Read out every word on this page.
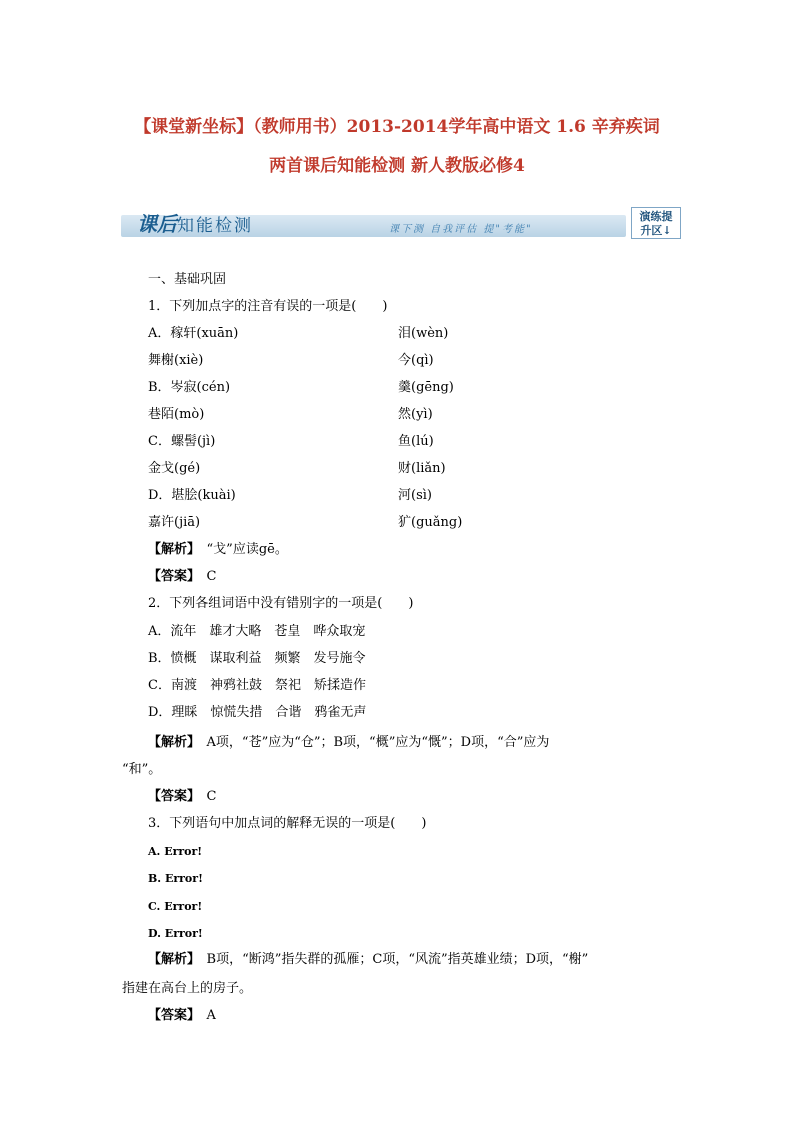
【课堂新坐标】（教师用书）2013-2014学年高中语文 1.6 辛弃疾词
两首课后知能检测 新人教版必修4
课后知能检测	课下测 自我评估 提"考能"
演练提
升区↓
一、基础巩固
1．下列加点字的注音有误的一项是(　　)
A．稼轩(xuān)	泪(wèn)
舞榭(xiè)	今(qì)
B．岑寂(cén)	羹(gēng)
巷陌(mò)	然(yì)
C．螺髻(jì)	鱼(lú)
金戈(gé)	财(liǎn)
D．堪脍(kuài)	河(sì)
嘉许(jiā)	犷(guǎng)
【解析】　 “戈”应读gē。
【答案】　 C
2．下列各组词语中没有错别字的一项是(　　)
A．流年　雄才大略　苍皇　哗众取宠
B．愤概　谋取利益　频繁　发号施令
C．南渡　神鸦社鼓　祭祀　矫揉造作
D．理睬　惊慌失措　合谐　鸦雀无声
【解析】　 A项，“苍”应为“仓”；B项，“概”应为“慨”；D项，“合”应为
“和”。
【答案】　 C
3．下列语句中加点词的解释无误的一项是(　　)
A. Error!
B. Error!
C. Error!
D. Error!
【解析】　 B项，“断鸿”指失群的孤雁；C项，“风流”指英雄业绩；D项，“榭”
指建在高台上的房子。
【答案】　 A
